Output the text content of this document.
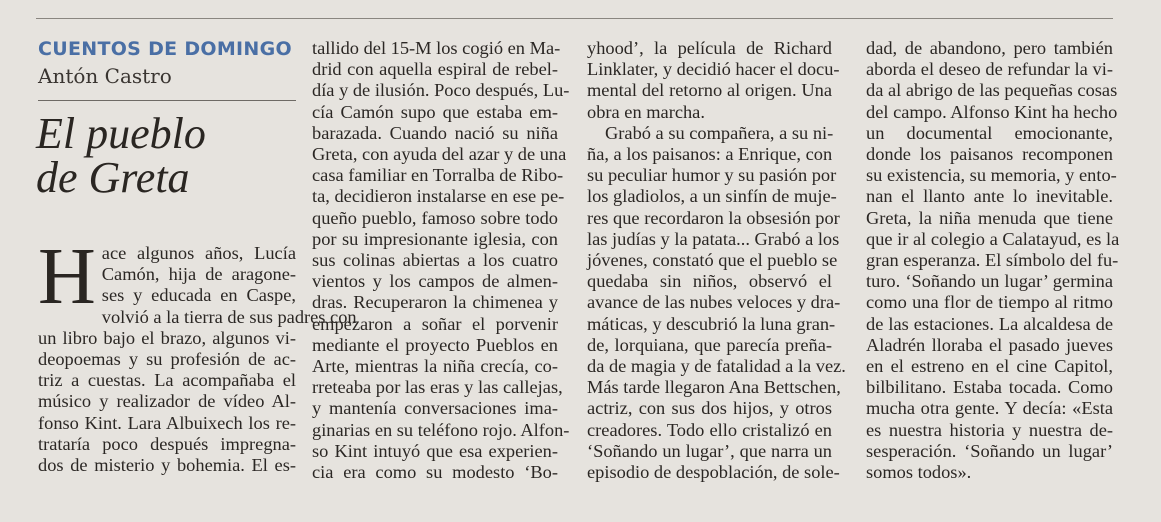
CUENTOS DE DOMINGO
Antón Castro
El pueblo
de Greta
H ace algunos años, Lucía
Camón, hija de aragone-
ses y educada en Caspe,
volvió a la tierra de sus padres con
un libro bajo el brazo, algunos vi-
deopoemas y su profesión de ac-
triz a cuestas. La acompañaba el
músico y realizador de vídeo Al-
fonso Kint. Lara Albuixech los re-
trataría poco después impregna-
dos de misterio y bohemia. El es-
tallido del 15-M los cogió en Ma-
drid con aquella espiral de rebel-
día y de ilusión. Poco después, Lu-
cía Camón supo que estaba em-
barazada. Cuando nació su niña
Greta, con ayuda del azar y de una
casa familiar en Torralba de Ribo-
ta, decidieron instalarse en ese pe-
queño pueblo, famoso sobre todo
por su impresionante iglesia, con
sus colinas abiertas a los cuatro
vientos y los campos de almen-
dras. Recuperaron la chimenea y
empezaron a soñar el porvenir
mediante el proyecto Pueblos en
Arte, mientras la niña crecía, co-
rreteaba por las eras y las callejas,
y mantenía conversaciones ima-
ginarias en su teléfono rojo. Alfon-
so Kint intuyó que esa experien-
cia era como su modesto ‘Bo-
yhood’, la película de Richard
Linklater, y decidió hacer el docu-
mental del retorno al origen. Una
obra en marcha.
Grabó a su compañera, a su ni-
ña, a los paisanos: a Enrique, con
su peculiar humor y su pasión por
los gladiolos, a un sinfín de muje-
res que recordaron la obsesión por
las judías y la patata... Grabó a los
jóvenes, constató que el pueblo se
quedaba sin niños, observó el
avance de las nubes veloces y dra-
máticas, y descubrió la luna gran-
de, lorquiana, que parecía preña-
da de magia y de fatalidad a la vez.
Más tarde llegaron Ana Bettschen,
actriz, con sus dos hijos, y otros
creadores. Todo ello cristalizó en
‘Soñando un lugar’, que narra un
episodio de despoblación, de sole-
dad, de abandono, pero también
aborda el deseo de refundar la vi-
da al abrigo de las pequeñas cosas
del campo. Alfonso Kint ha hecho
un documental emocionante,
donde los paisanos recomponen
su existencia, su memoria, y ento-
nan el llanto ante lo inevitable.
Greta, la niña menuda que tiene
que ir al colegio a Calatayud, es la
gran esperanza. El símbolo del fu-
turo. ‘Soñando un lugar’ germina
como una flor de tiempo al ritmo
de las estaciones. La alcaldesa de
Aladrén lloraba el pasado jueves
en el estreno en el cine Capitol,
bilbilitano. Estaba tocada. Como
mucha otra gente. Y decía: «Esta
es nuestra historia y nuestra de-
sesperación. ‘Soñando un lugar’
somos todos».
